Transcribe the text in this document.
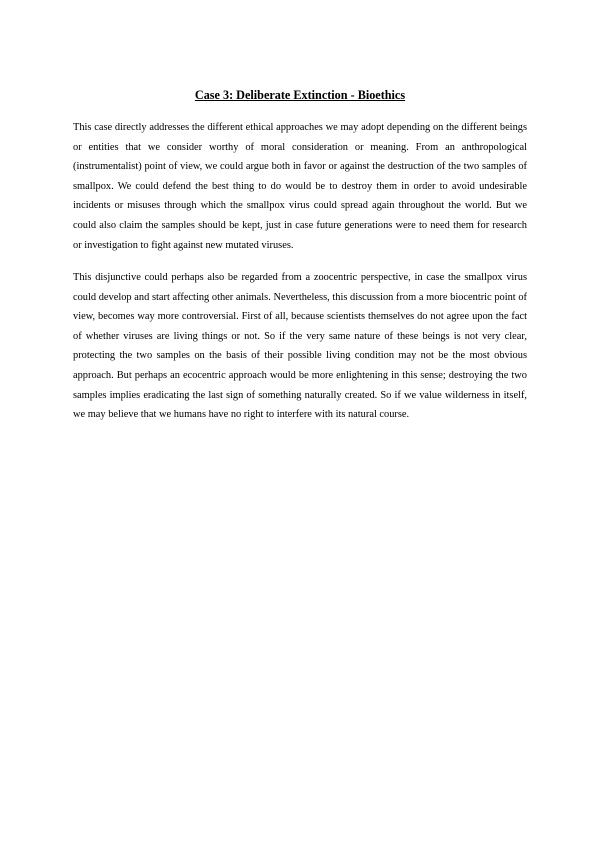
Case 3: Deliberate Extinction - Bioethics

This case directly addresses the different ethical approaches we may adopt depending on the different beings or entities that we consider worthy of moral consideration or meaning. From an anthropological (instrumentalist) point of view, we could argue both in favor or against the destruction of the two samples of smallpox. We could defend the best thing to do would be to destroy them in order to avoid undesirable incidents or misuses through which the smallpox virus could spread again throughout the world. But we could also claim the samples should be kept, just in case future generations were to need them for research or investigation to fight against new mutated viruses.

This disjunctive could perhaps also be regarded from a zoocentric perspective, in case the smallpox virus could develop and start affecting other animals. Nevertheless, this discussion from a more biocentric point of view, becomes way more controversial. First of all, because scientists themselves do not agree upon the fact of whether viruses are living things or not. So if the very same nature of these beings is not very clear, protecting the two samples on the basis of their possible living condition may not be the most obvious approach. But perhaps an ecocentric approach would be more enlightening in this sense; destroying the two samples implies eradicating the last sign of something naturally created. So if we value wilderness in itself, we may believe that we humans have no right to interfere with its natural course.
